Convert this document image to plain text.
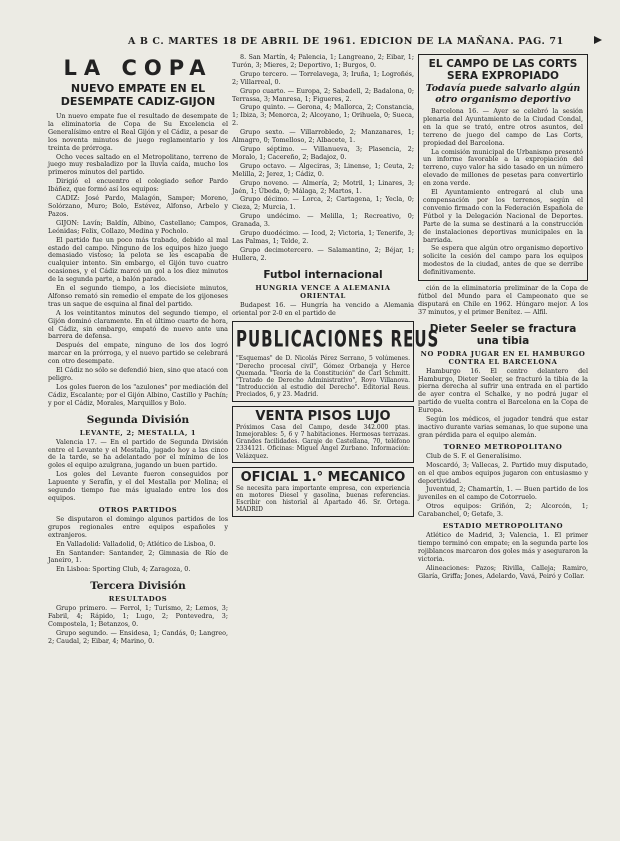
A B C. MARTES 18 DE ABRIL DE 1961. EDICION DE LA MAÑANA. PAG. 71
LA COPA
NUEVO EMPATE EN EL DESEMPATE CADIZ-GIJON

Un nuevo empate fue el resultado de desempate de la eliminatoria de Copa de Su Excelencia el Generalísimo entre el Real Gijón y el Cádiz, a pesar de los noventa minutos de juego reglamentario y los treinta de prórroga.

Ocho veces saltado en el Metropolitano, terreno de juego muy resbaladizo por la lluvia caída, mucho los primeros minutos del partido.

Dirigió el encuentro el colegiado señor Pardo Ibáñez, que formó así los equipos:

CADIZ: José Pardo, Malagón, Samper; Moreno, Solórzano, Muro; Bolo, Estévez, Alfonso, Arbelo y Pazos.

GIJON: Lavín; Baldín, Albino, Castellano; Campos, Leónidas; Felix, Collazo, Medina y Pocholo.

El partido fue un poco más trabado, debido al mal estado del campo. Ninguno de los equipos hizo juego demasiado vistoso; la pelota se les escapaba de cualquier intento. Sin embargo, el Gijón tuvo cuatro ocasiones, y el Cádiz marcó un gol a los diez minutos de la segunda parte, a balón parado.

En el segundo tiempo, a los diecisiete minutos, Alfonso remató sin remedio el empate de los gijoneses tras un saque de esquina al final del partido.

A los veintitantos minutos del segundo tiempo, el Gijón dominó claramente. En el último cuarto de hora, el Cádiz, sin embargo, empató de nuevo ante una barrera de defensa.

Después del empate, ninguno de los dos logró marcar en la prórroga, y el nuevo partido se celebrará con otro desempate.

El Cádiz no sólo se defendió bien, sino que atacó con peligro.

Los goles fueron de los "azulones" por mediación del Cádiz, Escalante; por el Gijón Albino, Castillo y Pachín; y por el Cádiz, Morales, Marquillos y Bolo.

Segunda División
LEVANTE, 2; MESTALLA, 1

Valencia 17. — En el partido de Segunda División entre el Levante y el Mestalla, jugado hoy a las cinco de la tarde, se ha adelantado por el mínimo de los goles el equipo azulgrana, jugando un buen partido.

Los goles del Levante fueron conseguidos por Lapuente y Serafín, y el del Mestalla por Molina; el segundo tiempo fue más igualado entre los dos equipos.

OTROS PARTIDOS

Se disputaron el domingo algunos partidos de los grupos regionales entre equipos españoles y extranjeros.

En Valladolid: Valladolid, 0; Atlético de Lisboa, 0.

En Santander: Santander, 2; Gimnasia de Río de Janeiro, 1.

En Lisboa: Sporting Club, 4; Zaragoza, 0.

Tercera División
RESULTADOS

Grupo primero. — Ferrol, 1; Turismo, 2; Lemos, 3; Fabril, 4; Rápido, 1; Lugo, 2; Pontevedra, 3; Compostela, 1; Betanzos, 0.

Grupo segundo. — Ensidesa, 1; Candás, 0; Langreo, 2; Caudal, 2; Eibar, 4; Marino, 0.

8. San Martín, 4; Palencia, 1; Langreano, 2; Eibar, 1; Turón, 3; Mieres, 2; Deportivo, 1; Burgos, 0.

Grupo tercero. — Torrelavega, 3; Iruña, 1; Logroñés, 2; Villarreal, 0.

Grupo cuarto. — Europa, 2; Sabadell, 2; Badalona, 0; Terrassa, 3; Manresa, 1; Figueres, 2.

Grupo quinto. — Gerona, 4; Mallorca, 2; Constancia, 1; Ibiza, 3; Menorca, 2; Alcoyano, 1; Orihuela, 0; Sueca, 2.

Grupo sexto. — Villarrobledo, 2; Manzanares, 1; Almagro, 0; Tomelloso, 2; Albacete, 1.

Grupo séptimo. — Villanueva, 3; Plasencia, 2; Moralo, 1; Cacereño, 2; Badajoz, 0.

Grupo octavo. — Algeciras, 3; Linense, 1; Ceuta, 2; Melilla, 2; Jerez, 1; Cádiz, 0.

Grupo noveno. — Almería, 2; Motril, 1; Linares, 3; Jaén, 1; Úbeda, 0; Málaga, 2; Martos, 1.

Grupo décimo. — Lorca, 2; Cartagena, 1; Yecla, 0; Cieza, 2; Murcia, 1.

Grupo undécimo. — Melilla, 1; Recreativo, 0; Granada, 3.

Grupo duodécimo. — Icod, 2; Victoria, 1; Tenerife, 3; Las Palmas, 1; Telde, 2.

Grupo decimotercero. — Salamantino, 2; Béjar, 1; Hullera, 2.

Futbol internacional
HUNGRIA VENCE A ALEMANIA ORIENTAL

Budapest 16. — Hungría ha vencido a Alemania oriental por 2-0 en el partido de

PUBLICACIONES REUS
"Esquemas" de D. Nicolás Pérez Serrano, 5 volúmenes. "Derecho procesal civil", Gómez Orbaneja y Herce Quemada. "Teoría de la Constitución" de Carl Schmitt. "Tratado de Derecho Administrativo", Royo Villanova. "Introducción al estudio del Derecho". Editorial Reus. Preciados, 6, y 23. Madrid.
VENTA PISOS LUJO
Próximos Casa del Campo, desde 342.000 ptas. Inmejorables: 5, 6 y 7 habitaciones. Hermosas terrazas. Grandes facilidades. Garaje de Castellana, 70, teléfono 2334121. Oficinas: Miguel Ángel Zurbano. Información: Velázquez.
OFICIAL 1.° MECANICO
Se necesita para importante empresa, con experiencia en motores Diesel y gasolina, buenas referencias. Escribir con historial al Apartado 46. Sr. Ortega. MADRID
EL CAMPO DE LAS CORTS SERA EXPROPIADO
Todavía puede salvarlo algún otro organismo deportivo

Barcelona 16. — Ayer se celebró la sesión plenaria del Ayuntamiento de la Ciudad Condal, en la que se trató, entre otros asuntos, del terreno de juego del campo de Las Corts, propiedad del Barcelona.

La comisión municipal de Urbanismo presentó un informe favorable a la expropiación del terreno, cuyo valor ha sido tasado en un número elevado de millones de pesetas para convertirlo en zona verde.

El Ayuntamiento entregará al club una compensación por los terrenos, según el convenio firmado con la Federación Española de Fútbol y la Delegación Nacional de Deportes. Parte de la suma se destinará a la construcción de instalaciones deportivas municipales en la barriada.

Se espera que algún otro organismo deportivo solicite la cesión del campo para los equipos modestos de la ciudad, antes de que se derribe definitivamente.

ción de la eliminatoria preliminar de la Copa de fútbol del Mundo para el Campeonato que se disputará en Chile en 1962. Húngaro mejor. A los 37 minutos, y el primer Benítez. — Alfil.

Dieter Seeler se fractura una tibia
NO PODRA JUGAR EN EL HAMBURGO CONTRA EL BARCELONA

Hamburgo 16. El centro delantero del Hamburgo, Dieter Seeler, se fracturó la tibia de la pierna derecha al sufrir una entrada en el partido de ayer contra el Schalke, y no podrá jugar el partido de vuelta contra el Barcelona en la Copa de Europa.

Según los médicos, el jugador tendrá que estar inactivo durante varias semanas, lo que supone una gran pérdida para el equipo alemán.

TORNEO METROPOLITANO

Club de S. F. el Generalísimo.

Moscardó, 3; Vallecas, 2. Partido muy disputado, en el que ambos equipos jugaron con entusiasmo y deportividad.

Juventud, 2; Chamartín, 1. — Buen partido de los juveniles en el campo de Cotorruelo.

Otros equipos: Griñón, 2; Alcorcón, 1; Carabanchel, 0; Getafe, 3.

ESTADIO METROPOLITANO

Atlético de Madrid, 3; Valencia, 1. El primer tiempo terminó con empate; en la segunda parte los rojiblancos marcaron dos goles más y aseguraron la victoria.

Alineaciones: Pazos; Rivilla, Calleja; Ramiro, Glaría, Griffa; Jones, Adelardo, Vavá, Peiró y Collar.
